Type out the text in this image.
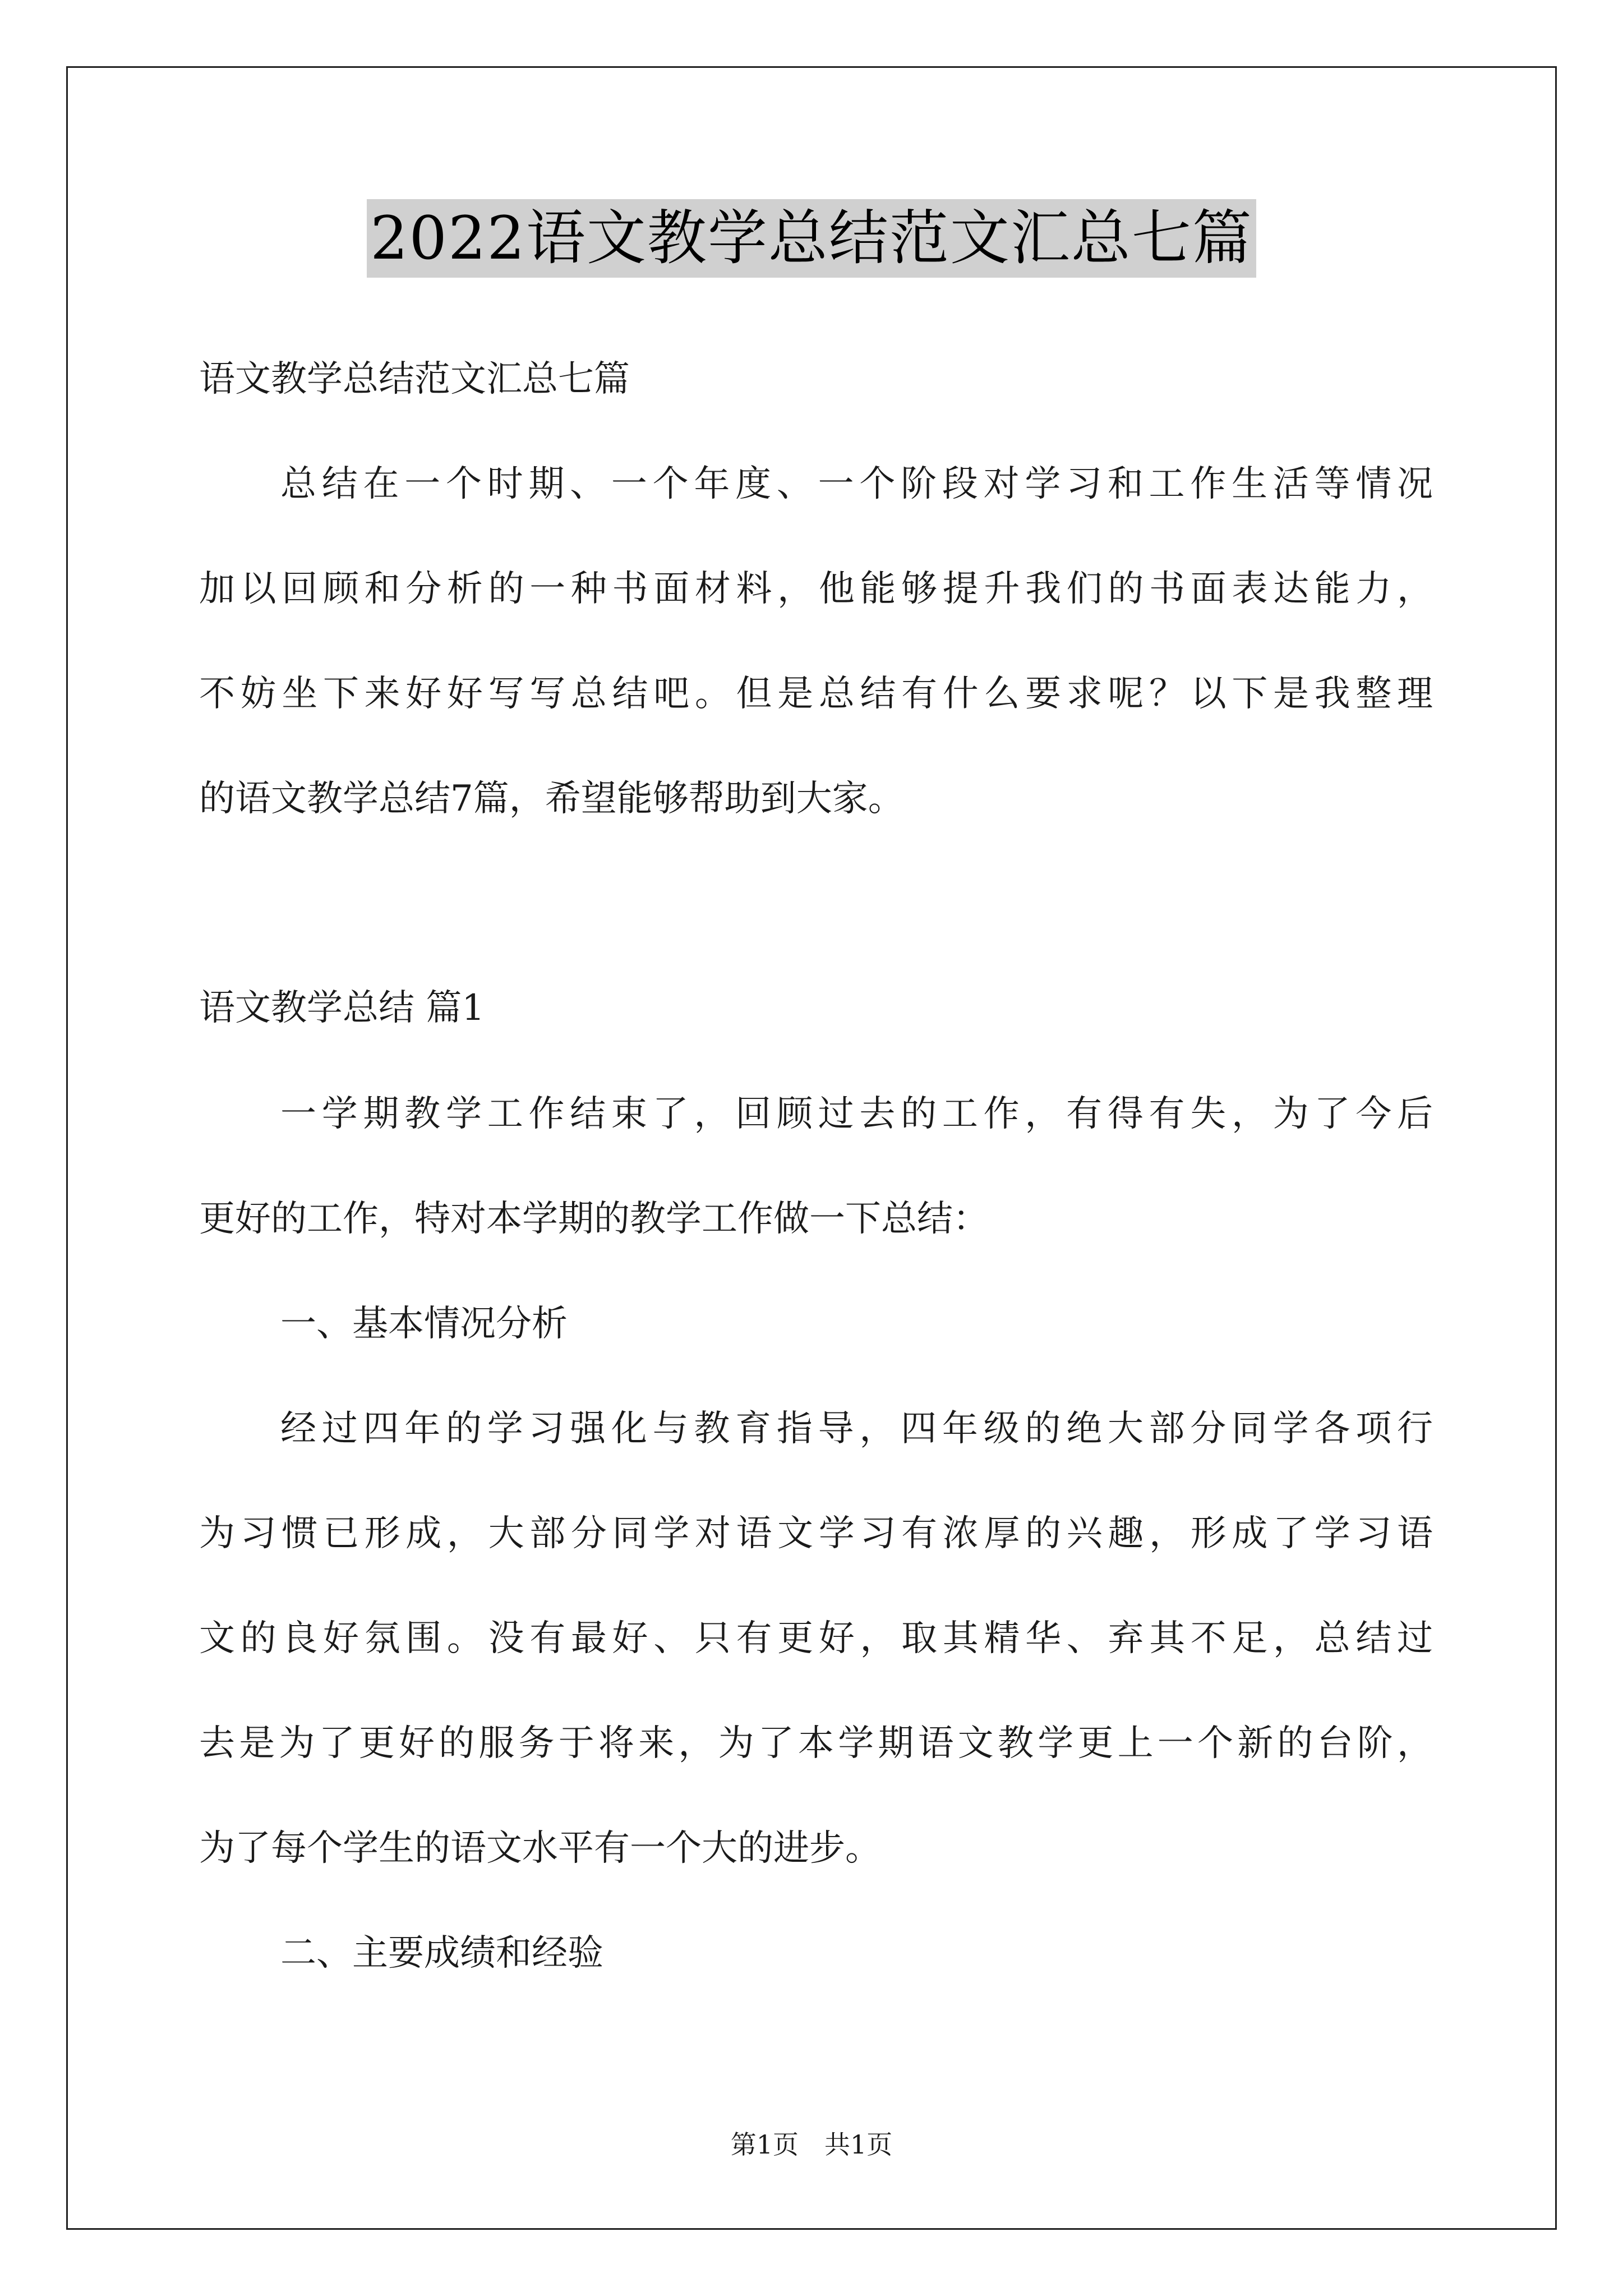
2022语文教学总结范文汇总七篇
语文教学总结范文汇总七篇
总结在一个时期、一个年度、一个阶段对学习和工作生活等情况
加以回顾和分析的一种书面材料，他能够提升我们的书面表达能力，
不妨坐下来好好写写总结吧。但是总结有什么要求呢？以下是我整理
的语文教学总结7篇，希望能够帮助到大家。
语文教学总结 篇1
一学期教学工作结束了，回顾过去的工作，有得有失，为了今后
更好的工作，特对本学期的教学工作做一下总结：
一、基本情况分析
经过四年的学习强化与教育指导，四年级的绝大部分同学各项行
为习惯已形成，大部分同学对语文学习有浓厚的兴趣，形成了学习语
文的良好氛围。没有最好、只有更好，取其精华、弃其不足，总结过
去是为了更好的服务于将来，为了本学期语文教学更上一个新的台阶，
为了每个学生的语文水平有一个大的进步。
二、主要成绩和经验
第1页　共1页
